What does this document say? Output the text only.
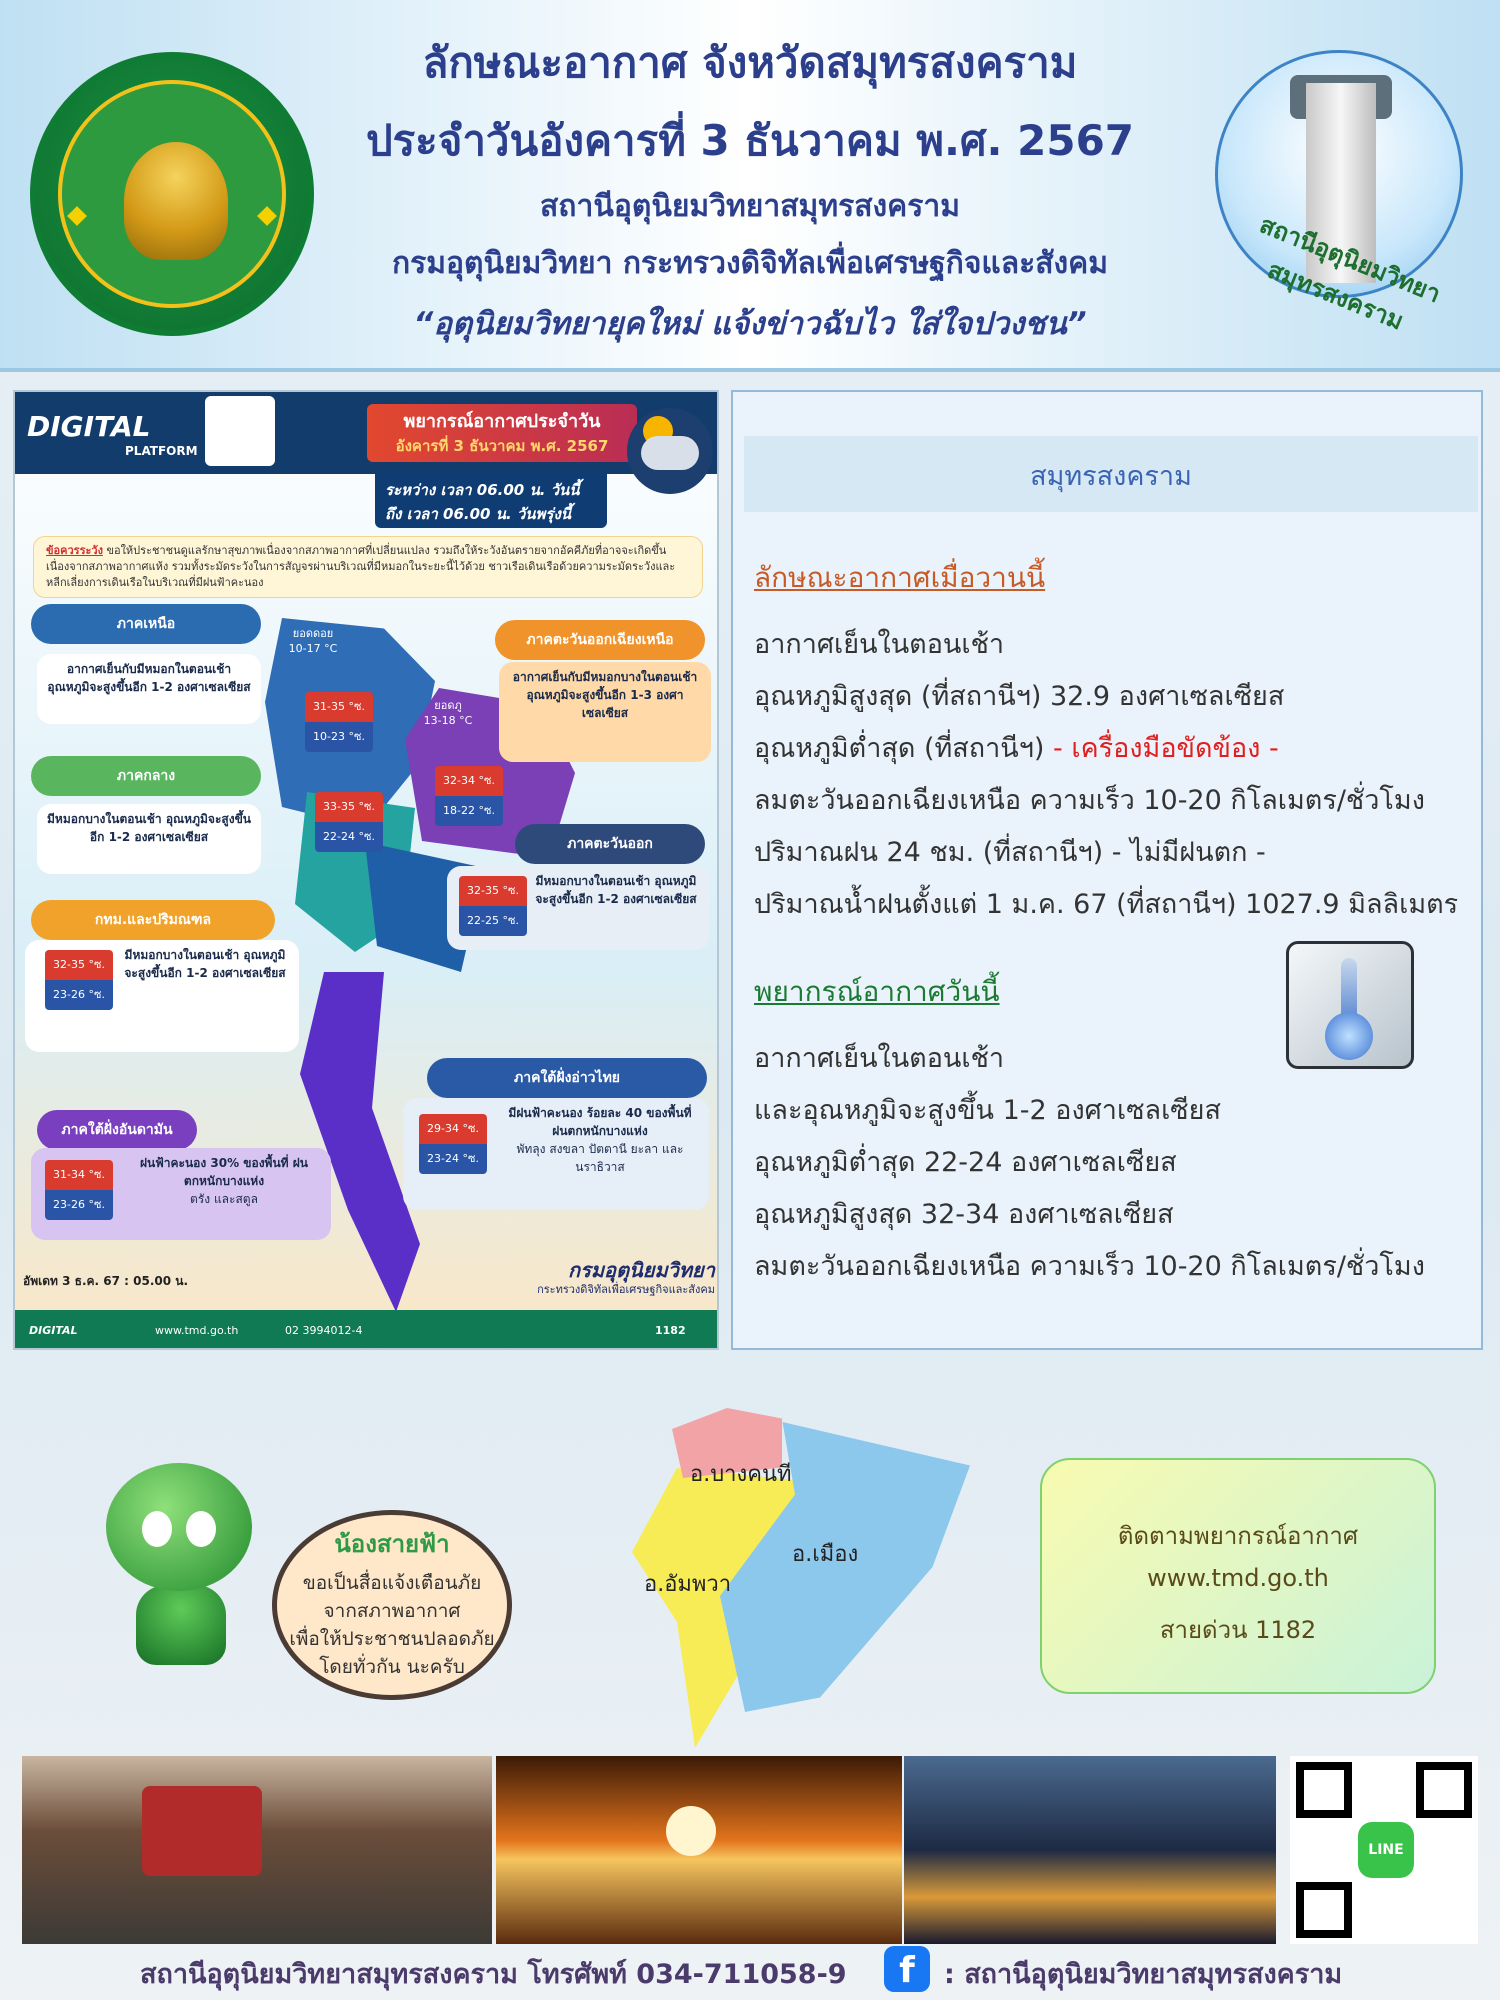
ลักษณะอากาศ จังหวัดสมุทรสงคราม
ประจำวันอังคารที่ 3 ธันวาคม พ.ศ. 2567
สถานีอุตุนิยมวิทยาสมุทรสงคราม
กรมอุตุนิยมวิทยา กระทรวงดิจิทัลเพื่อเศรษฐกิจและสังคม
“อุตุนิยมวิทยายุคใหม่ แจ้งข่าวฉับไว ใส่ใจปวงชน”
สถานีอุตุนิยมวิทยาสมุทรสงคราม
DIGITAL
PLATFORM
พยากรณ์อากาศประจำวัน
อังคารที่ 3 ธันวาคม พ.ศ. 2567
ระหว่าง เวลา 06.00 น. วันนี้
ถึง เวลา 06.00 น. วันพรุ่งนี้
ข้อควรระวัง ขอให้ประชาชนดูแลรักษาสุขภาพเนื่องจากสภาพอากาศที่เปลี่ยนแปลง รวมถึงให้ระวังอันตรายจากอัคคีภัยที่อาจจะเกิดขึ้นเนื่องจากสภาพอากาศแห้ง รวมทั้งระมัดระวังในการสัญจรผ่านบริเวณที่มีหมอกในระยะนี้ไว้ด้วย ชาวเรือเดินเรือด้วยความระมัดระวังและหลีกเลี่ยงการเดินเรือในบริเวณที่มีฝนฟ้าคะนอง
ยอดดอย
10-17 °C
ยอดภู
13-18 °C
ภาคเหนือ
อากาศเย็นกับมีหมอกในตอนเช้า อุณหภูมิจะสูงขึ้นอีก 1-2 องศาเซลเซียส
31-35 °ซ.
10-23 °ซ.
ภาคกลาง
มีหมอกบางในตอนเช้า อุณหภูมิจะสูงขึ้นอีก 1-2 องศาเซลเซียส
33-35 °ซ.
22-24 °ซ.
กทม.และปริมณฑล
มีหมอกบางในตอนเช้า อุณหภูมิจะสูงขึ้นอีก 1-2 องศาเซลเซียส
32-35 °ซ.
23-26 °ซ.
ภาคตะวันออกเฉียงเหนือ
อากาศเย็นกับมีหมอกบางในตอนเช้า อุณหภูมิจะสูงขึ้นอีก 1-3 องศาเซลเซียส
32-34 °ซ.
18-22 °ซ.
ภาคตะวันออก
มีหมอกบางในตอนเช้า อุณหภูมิจะสูงขึ้นอีก 1-2 องศาเซลเซียส
32-35 °ซ.
22-25 °ซ.
ภาคใต้ฝั่งอันดามัน
ฝนฟ้าคะนอง 30% ของพื้นที่ ฝนตกหนักบางแห่ง
ตรัง และสตูล
31-34 °ซ.
23-26 °ซ.
ภาคใต้ฝั่งอ่าวไทย
มีฝนฟ้าคะนอง ร้อยละ 40 ของพื้นที่ ฝนตกหนักบางแห่ง
พัทลุง สงขลา ปัตตานี ยะลา และนราธิวาส
29-34 °ซ.
23-24 °ซ.
อัพเดท 3 ธ.ค. 67 : 05.00 น.	กรมอุตุนิยมวิทยา
กระทรวงดิจิทัลเพื่อเศรษฐกิจและสังคม
DIGITAL	www.tmd.go.th	02 3994012-4	1182
สมุทรสงคราม
ลักษณะอากาศเมื่อวานนี้
อากาศเย็นในตอนเช้า
อุณหภูมิสูงสุด (ที่สถานีฯ) 32.9 องศาเซลเซียส
อุณหภูมิต่ำสุด (ที่สถานีฯ) - เครื่องมือขัดข้อง -
ลมตะวันออกเฉียงเหนือ ความเร็ว 10-20 กิโลเมตร/ชั่วโมง
ปริมาณฝน 24 ชม. (ที่สถานีฯ) - ไม่มีฝนตก -
ปริมาณน้ำฝนตั้งแต่ 1 ม.ค. 67 (ที่สถานีฯ) 1027.9 มิลลิเมตร
พยากรณ์อากาศวันนี้
อากาศเย็นในตอนเช้า
และอุณหภูมิจะสูงขึ้น 1-2 องศาเซลเซียส
อุณหภูมิต่ำสุด 22-24 องศาเซลเซียส
อุณหภูมิสูงสุด 32-34 องศาเซลเซียส
ลมตะวันออกเฉียงเหนือ ความเร็ว 10-20 กิโลเมตร/ชั่วโมง
น้องสายฟ้า
ขอเป็นสื่อแจ้งเตือนภัย
จากสภาพอากาศ
เพื่อให้ประชาชนปลอดภัย
โดยทั่วกัน นะครับ
อ.บางคนที
อ.เมือง
อ.อัมพวา
ติดตามพยากรณ์อากาศ
www.tmd.go.th
สายด่วน 1182
LINE
สถานีอุตุนิยมวิทยาสมุทรสงคราม โทรศัพท์ 034-711058-9	f	: สถานีอุตุนิยมวิทยาสมุทรสงคราม
